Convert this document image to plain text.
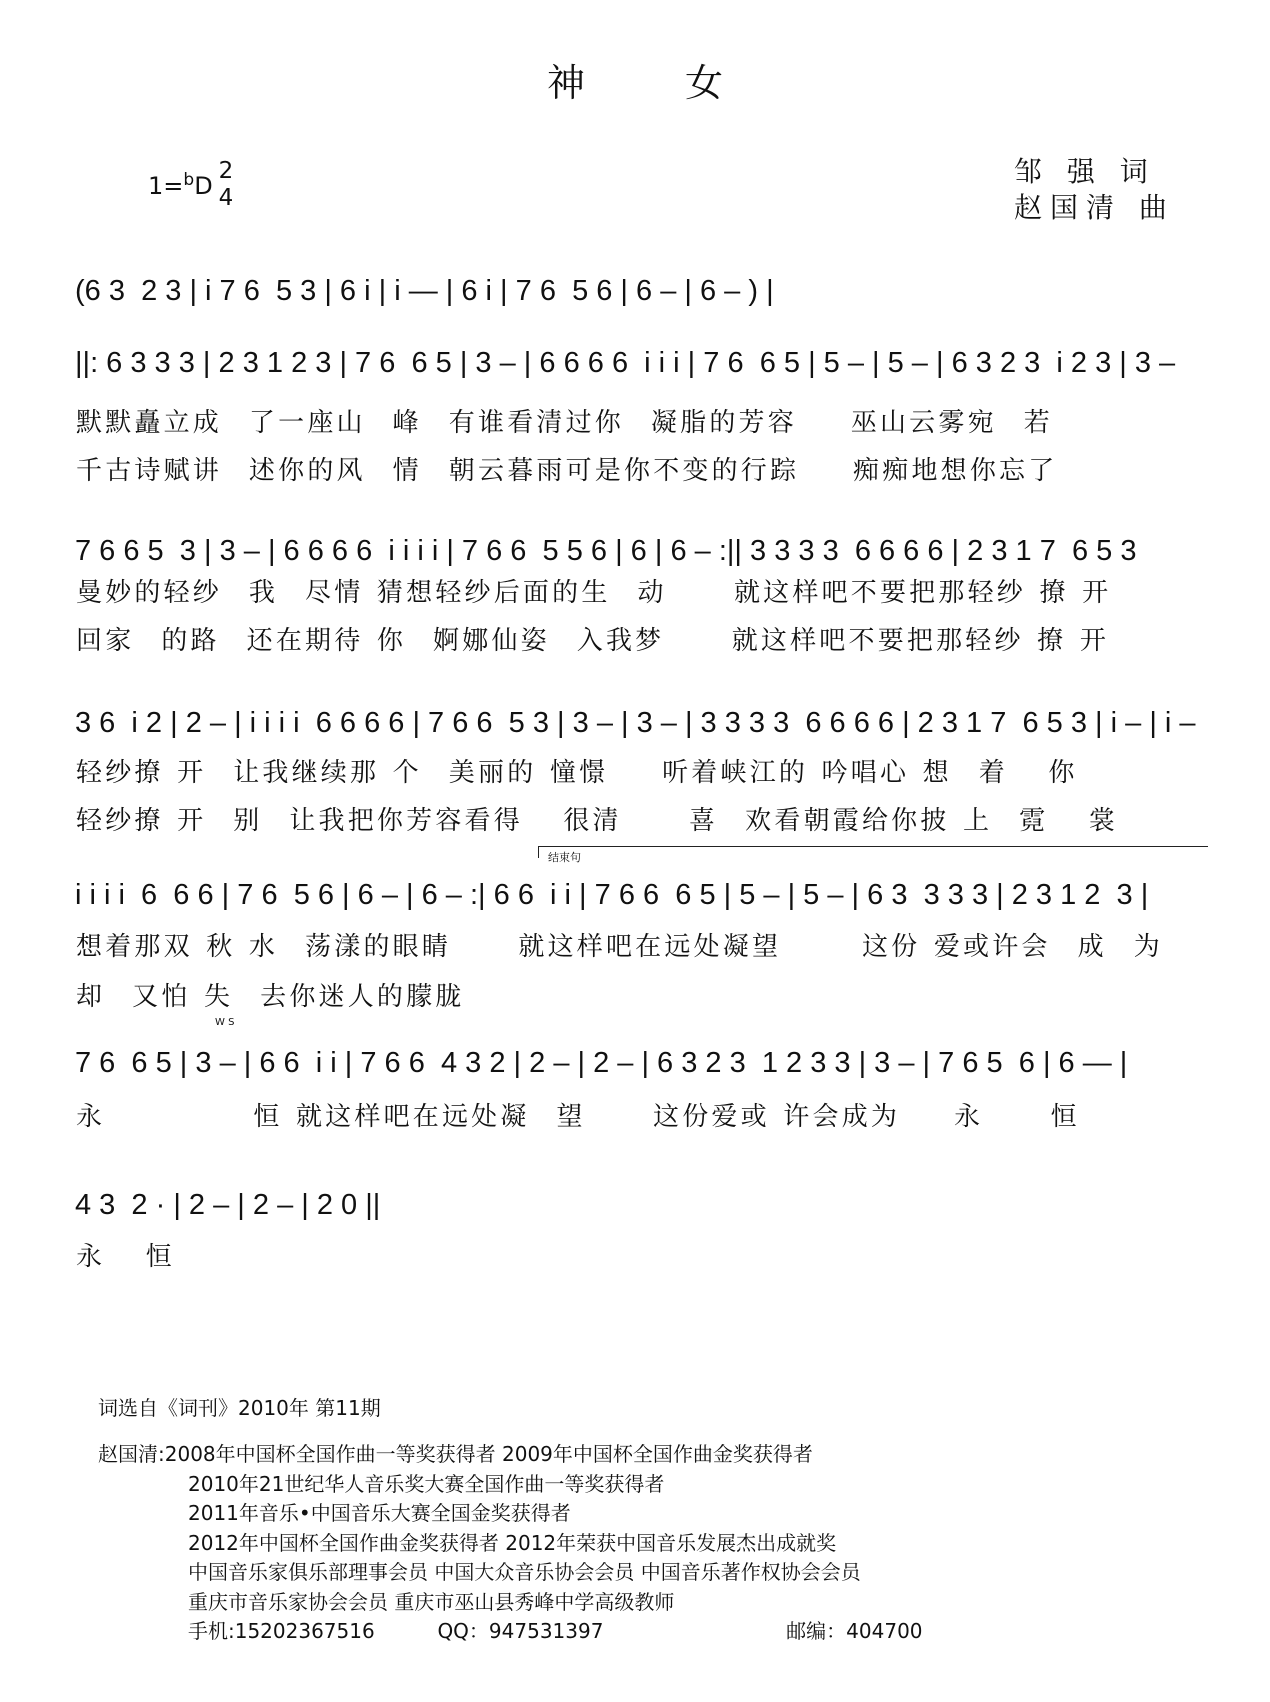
神 女
1=$^b$D
2
4
邹 强 词
赵国清 曲
(6 3  2 3 | i 7 6  5 3 | 6 i | i — | 6 i | 7 6  5 6 | 6 – | 6 – ) |
||: 6 3 3 3 | 2 3 1 2 3 | 7 6  6 5 | 3 – | 6 6 6 6  i i i | 7 6  6 5 | 5 – | 5 – | 6 3 2 3  i 2 3 | 3 –
默默矗立成  了一座山  峰  有谁看清过你  凝脂的芳容    巫山云雾宛  若
千古诗赋讲  述你的风  情  朝云暮雨可是你不变的行踪    痴痴地想你忘了
7 6 6 5  3 | 3 – | 6 6 6 6  i i i i | 7 6 6  5 5 6 | 6 | 6 – :|| 3 3 3 3  6 6 6 6 | 2 3 1 7  6 5 3
曼妙的轻纱  我  尽情 猜想轻纱后面的生  动     就这样吧不要把那轻纱 撩 开
回家  的路  还在期待 你  婀娜仙姿  入我梦     就这样吧不要把那轻纱 撩 开
3 6  i 2 | 2 – | i i i i  6 6 6 6 | 7 6 6  5 3 | 3 – | 3 – | 3 3 3 3  6 6 6 6 | 2 3 1 7  6 5 3 | i – | i –
轻纱撩 开  让我继续那 个  美丽的 憧憬    听着峡江的 吟唱心 想  着   你
轻纱撩 开  别  让我把你芳容看得   很清     喜  欢看朝霞给你披 上  霓   裳
结束句
i i i i  6  6 6 | 7 6  5 6 | 6 – | 6 – :| 6 6  i i | 7 6 6  6 5 | 5 – | 5 – | 6 3  3 3 3 | 2 3 1 2  3 |
想着那双 秋 水  荡漾的眼睛     就这样吧在远处凝望      这份 爱或许会  成  为
却  又怕 失  去你迷人的朦胧
7 6  6 5 | 3 – | 6 6  i i | 7 6 6  4 3 2 | 2 – | 2 – | 6 3 2 3  1 2 3 3 | 3 – | 7 6 5  6 | 6 — |
永           恒 就这样吧在远处凝  望     这份爱或 许会成为    永     恒
4 3  2 · | 2 – | 2 – | 2 0 ||
永   恒
W S
词选自《词刊》2010年 第11期
赵国清:2008年中国杯全国作曲一等奖获得者 2009年中国杯全国作曲金奖获得者
2010年21世纪华人音乐奖大赛全国作曲一等奖获得者
2011年音乐•中国音乐大赛全国金奖获得者
2012年中国杯全国作曲金奖获得者 2012年荣获中国音乐发展杰出成就奖
中国音乐家俱乐部理事会员 中国大众音乐协会会员 中国音乐著作权协会会员
重庆市音乐家协会会员 重庆市巫山县秀峰中学高级教师
手机:15202367516	QQ：947531397	邮编：404700
